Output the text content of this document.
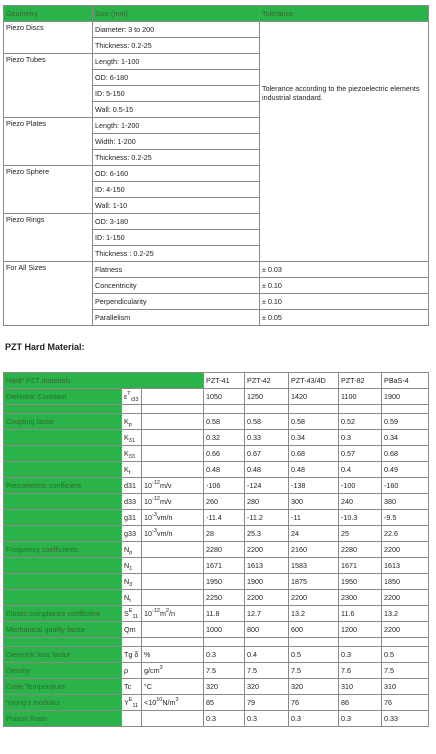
Geometry	Size (mm)	Tolerance
Piezo Discs	Diameter: 3 to 200	Tolerance according to the piezoelectric elements industrial standard.
	Thickness: 0.2-25	
Piezo Tubes	Length: 1-100	
	OD: 6-180	
	ID: 5-150	
	Wall: 0.5-15	
Piezo Plates	Length: 1-200	
	Width: 1-200	
	Thickness: 0.2-25	
Piezo Sphere	OD: 6-160	
	ID: 4-150	
	Wall: 1-10	
Piezo Rings	OD: 3-180	
	ID: 1-150	
	Thickness : 0.2-25	
For All Sizes	Flatness	± 0.03
	Concentricity	± 0.10
	Perpendicularity	± 0.10
	Parallelism	± 0.05
PZT Hard Material:
Hard" PZT materials			PZT-41	PZT-42	PZT-43/4D	PZT-82	PBaS-4
Dielectric Constant	$\varepsilon^T_{r33}$		1050	1250	1420	1100	1900

Coupling factor	$K_p$		0.58	0.58	0.58	0.52	0.59
	$K_{31}$		0.32	0.33	0.34	0.3	0.34
	$K_{33}$		0.66	0.67	0.68	0.57	0.68
	$K_t$		0.48	0.48	0.48	0.4	0.49
Piezoelectric coefficient	d31	$10^{-12}m/v$	-106	-124	-138	-100	-160
	d33	$10^{-12}m/v$	260	280	300	240	380
	g31	$10^{-3}vm/n$	-11.4	-11.2	-11	-10.3	-9.5
	g33	$10^{-3}vm/n$	28	25.3	24	25	22.6
Frequency coefficients	$N_p$		2280	2200	2160	2280	2200
	$N_1$		1671	1613	1583	1671	1613
	$N_3$		1950	1900	1875	1950	1850
	$N_t$		2250	2200	2200	2300	2200
Elastic compliance coefficient	$S^E_{11}$	$10^{-12}m^2/n$	11.8	12.7	13.2	11.6	13.2
Mechanical quality factor	Qm		1000	800	600	1200	2200

Dielectric loss factor	Tg δ	%	0.3	0.4	0.5	0.3	0.5
Density	ρ	$g/cm^3$	7.5	7.5	7.5	7.6	7.5
Curie Temperature	Tc	°C	320	320	320	310	310
Young's modulus	$Y^E_{11}$	$<10^{10}N/m^3$	85	79	76	86	76
Poison Ratio			0.3	0.3	0.3	0.3	0.33
